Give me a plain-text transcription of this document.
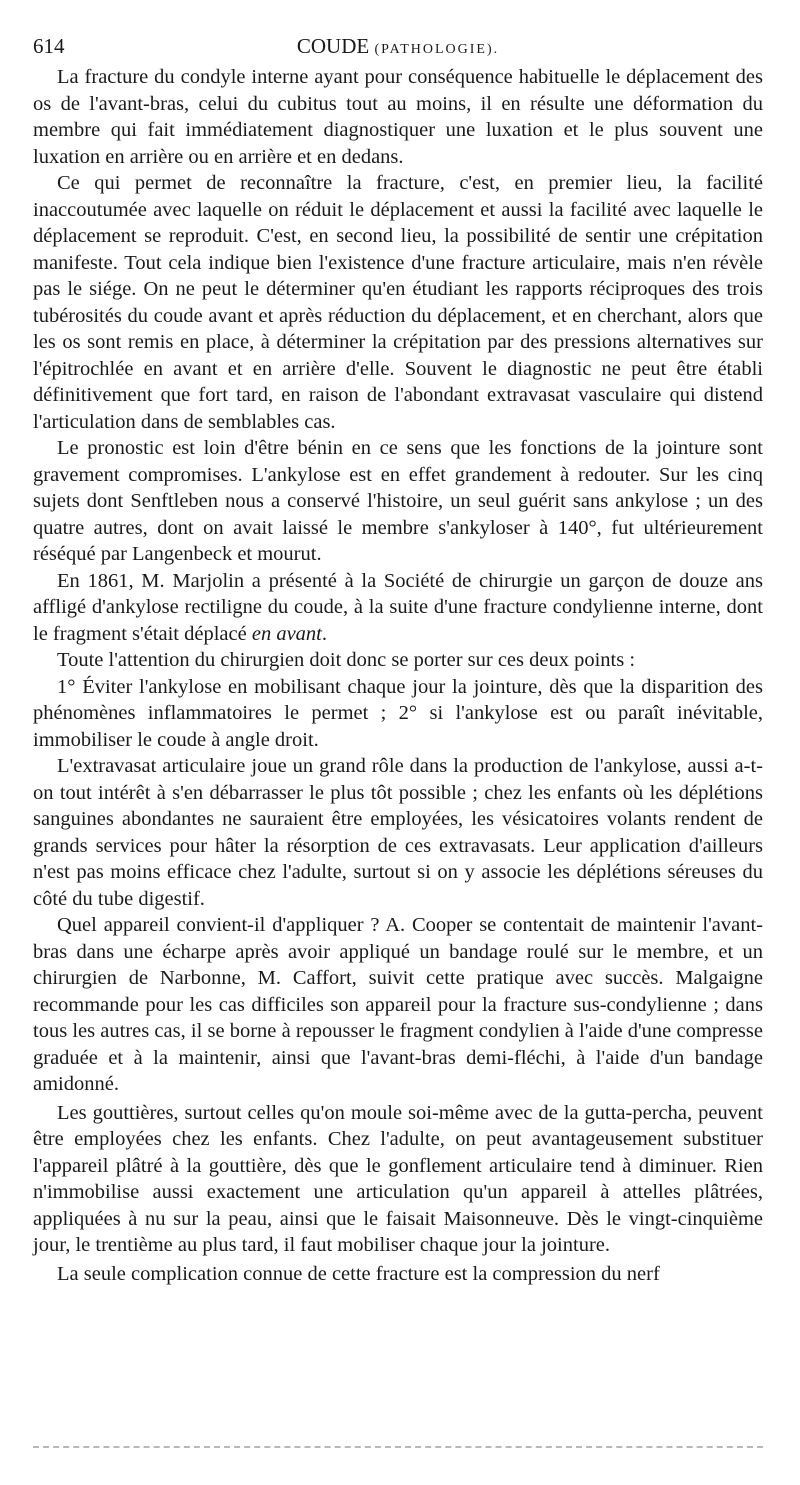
614	COUDE (PATHOLOGIE).

La fracture du condyle interne ayant pour conséquence habituelle le déplacement des os de l'avant-bras, celui du cubitus tout au moins, il en résulte une déformation du membre qui fait immédiatement diagnostiquer une luxation et le plus souvent une luxation en arrière ou en arrière et en dedans.

Ce qui permet de reconnaître la fracture, c'est, en premier lieu, la facilité inaccoutumée avec laquelle on réduit le déplacement et aussi la facilité avec laquelle le déplacement se reproduit. C'est, en second lieu, la possibilité de sentir une crépitation manifeste. Tout cela indique bien l'existence d'une fracture articulaire, mais n'en révèle pas le siége. On ne peut le déterminer qu'en étudiant les rapports réciproques des trois tubérosités du coude avant et après réduction du déplacement, et en cherchant, alors que les os sont remis en place, à déterminer la crépitation par des pressions alternatives sur l'épitrochlée en avant et en arrière d'elle. Souvent le diagnostic ne peut être établi définitivement que fort tard, en raison de l'abondant extravasat vasculaire qui distend l'articulation dans de semblables cas.

Le pronostic est loin d'être bénin en ce sens que les fonctions de la jointure sont gravement compromises. L'ankylose est en effet grandement à redouter. Sur les cinq sujets dont Senftleben nous a conservé l'histoire, un seul guérit sans ankylose ; un des quatre autres, dont on avait laissé le membre s'ankyloser à 140°, fut ultérieurement réséqué par Langenbeck et mourut.

En 1861, M. Marjolin a présenté à la Société de chirurgie un garçon de douze ans affligé d'ankylose rectiligne du coude, à la suite d'une fracture condylienne interne, dont le fragment s'était déplacé en avant.

Toute l'attention du chirurgien doit donc se porter sur ces deux points :

1° Éviter l'ankylose en mobilisant chaque jour la jointure, dès que la disparition des phénomènes inflammatoires le permet ; 2° si l'ankylose est ou paraît inévitable, immobiliser le coude à angle droit.

L'extravasat articulaire joue un grand rôle dans la production de l'ankylose, aussi a-t-on tout intérêt à s'en débarrasser le plus tôt possible ; chez les enfants où les déplétions sanguines abondantes ne sauraient être employées, les vésicatoires volants rendent de grands services pour hâter la résorption de ces extravasats. Leur application d'ailleurs n'est pas moins efficace chez l'adulte, surtout si on y associe les déplétions séreuses du côté du tube digestif.

Quel appareil convient-il d'appliquer ? A. Cooper se contentait de maintenir l'avant-bras dans une écharpe après avoir appliqué un bandage roulé sur le membre, et un chirurgien de Narbonne, M. Caffort, suivit cette pratique avec succès. Malgaigne recommande pour les cas difficiles son appareil pour la fracture sus-condylienne ; dans tous les autres cas, il se borne à repousser le fragment condylien à l'aide d'une compresse graduée et à la maintenir, ainsi que l'avant-bras demi-fléchi, à l'aide d'un bandage amidonné.

Les gouttières, surtout celles qu'on moule soi-même avec de la gutta-percha, peuvent être employées chez les enfants. Chez l'adulte, on peut avantageusement substituer l'appareil plâtré à la gouttière, dès que le gonflement articulaire tend à diminuer. Rien n'immobilise aussi exactement une articulation qu'un appareil à attelles plâtrées, appliquées à nu sur la peau, ainsi que le faisait Maisonneuve. Dès le vingt-cinquième jour, le trentième au plus tard, il faut mobiliser chaque jour la jointure.

La seule complication connue de cette fracture est la compression du nerf
